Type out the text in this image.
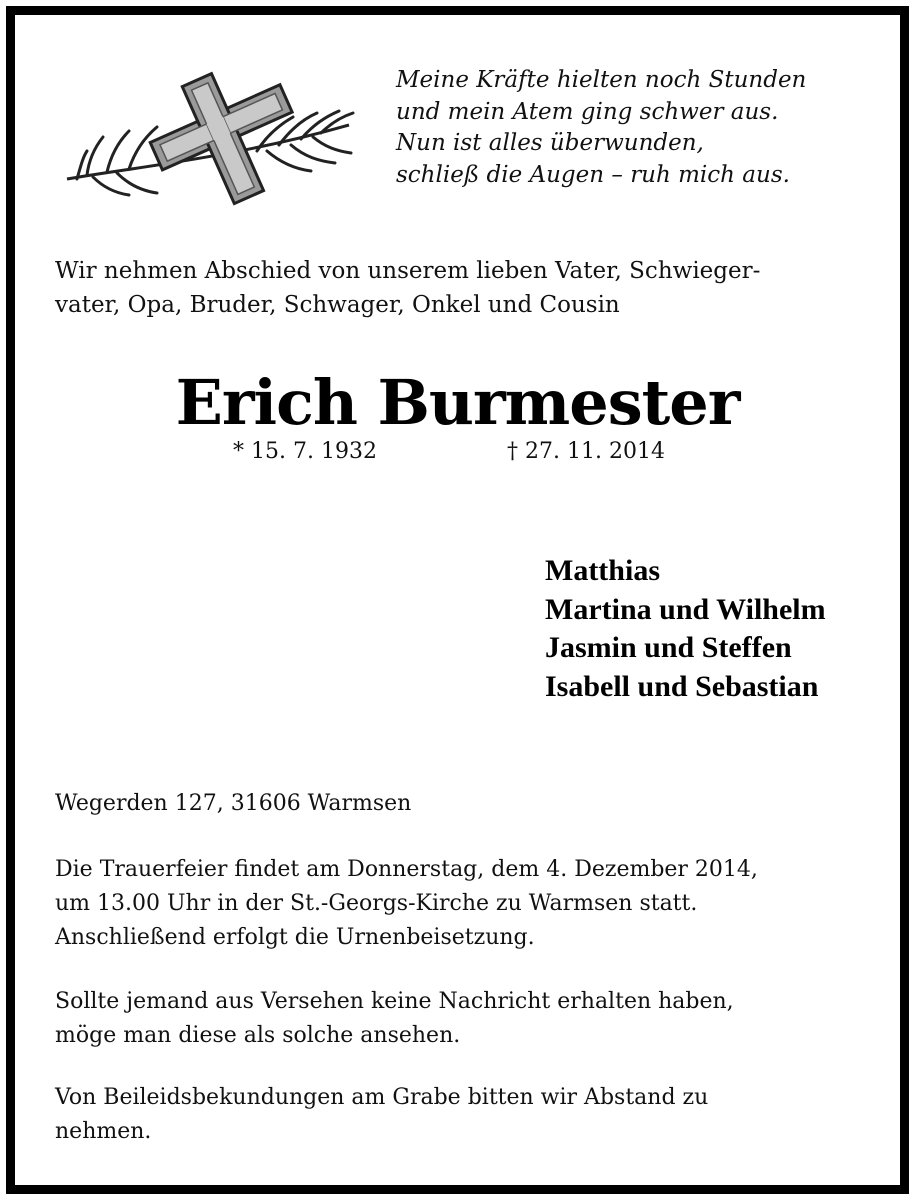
Meine Kräfte hielten noch Stunden
und mein Atem ging schwer aus.
Nun ist alles überwunden,
schließ die Augen – ruh mich aus.
Wir nehmen Abschied von unserem lieben Vater, Schwieger-
vater, Opa, Bruder, Schwager, Onkel und Cousin
Erich Burmester
* 15. 7. 1932	† 27. 11. 2014
Matthias
Martina und Wilhelm
Jasmin und Steffen
Isabell und Sebastian
Wegerden 127, 31606 Warmsen
Die Trauerfeier findet am Donnerstag, dem 4. Dezember 2014,
um 13.00 Uhr in der St.-Georgs-Kirche zu Warmsen statt.
Anschließend erfolgt die Urnenbeisetzung.
Sollte jemand aus Versehen keine Nachricht erhalten haben,
möge man diese als solche ansehen.
Von Beileidsbekundungen am Grabe bitten wir Abstand zu
nehmen.
